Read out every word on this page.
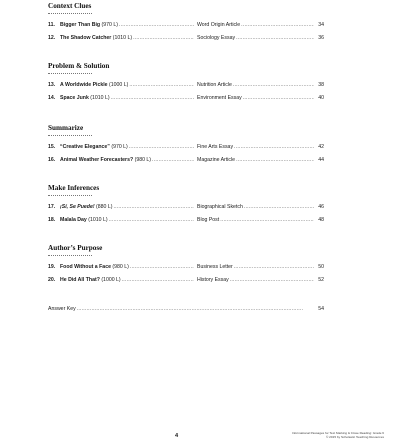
Context Clues
11. Bigger Than Big (970 L) .....	Word Origin Article .....	34
12. The Shadow Catcher (1010 L) .....	Sociology Essay .....	36
Problem & Solution
13. A Worldwide Pickle (1000 L) .....	Nutrition Article .....	38
14. Space Junk (1010 L) .....	Environment Essay .....	40
Summarize
15. “Creative Elegance” (970 L) .....	Fine Arts Essay .....	42
16. Animal Weather Forecasters? (980 L) .....	Magazine Article .....	44
Make Inferences
17. ¡Sí, Se Puede! (880 L) .....	Biographical Sketch .....	46
18. Malala Day (1010 L) .....	Blog Post .....	48
Author’s Purpose
19. Food Without a Face (980 L) .....	Business Letter .....	50
20. He Did All That? (1000 L) .....	History Essay .....	52
Answer Key .....	54
4	Informational Passages for Text Marking & Close Reading: Grade 6
© 2015 by Scholastic Teaching Resources
